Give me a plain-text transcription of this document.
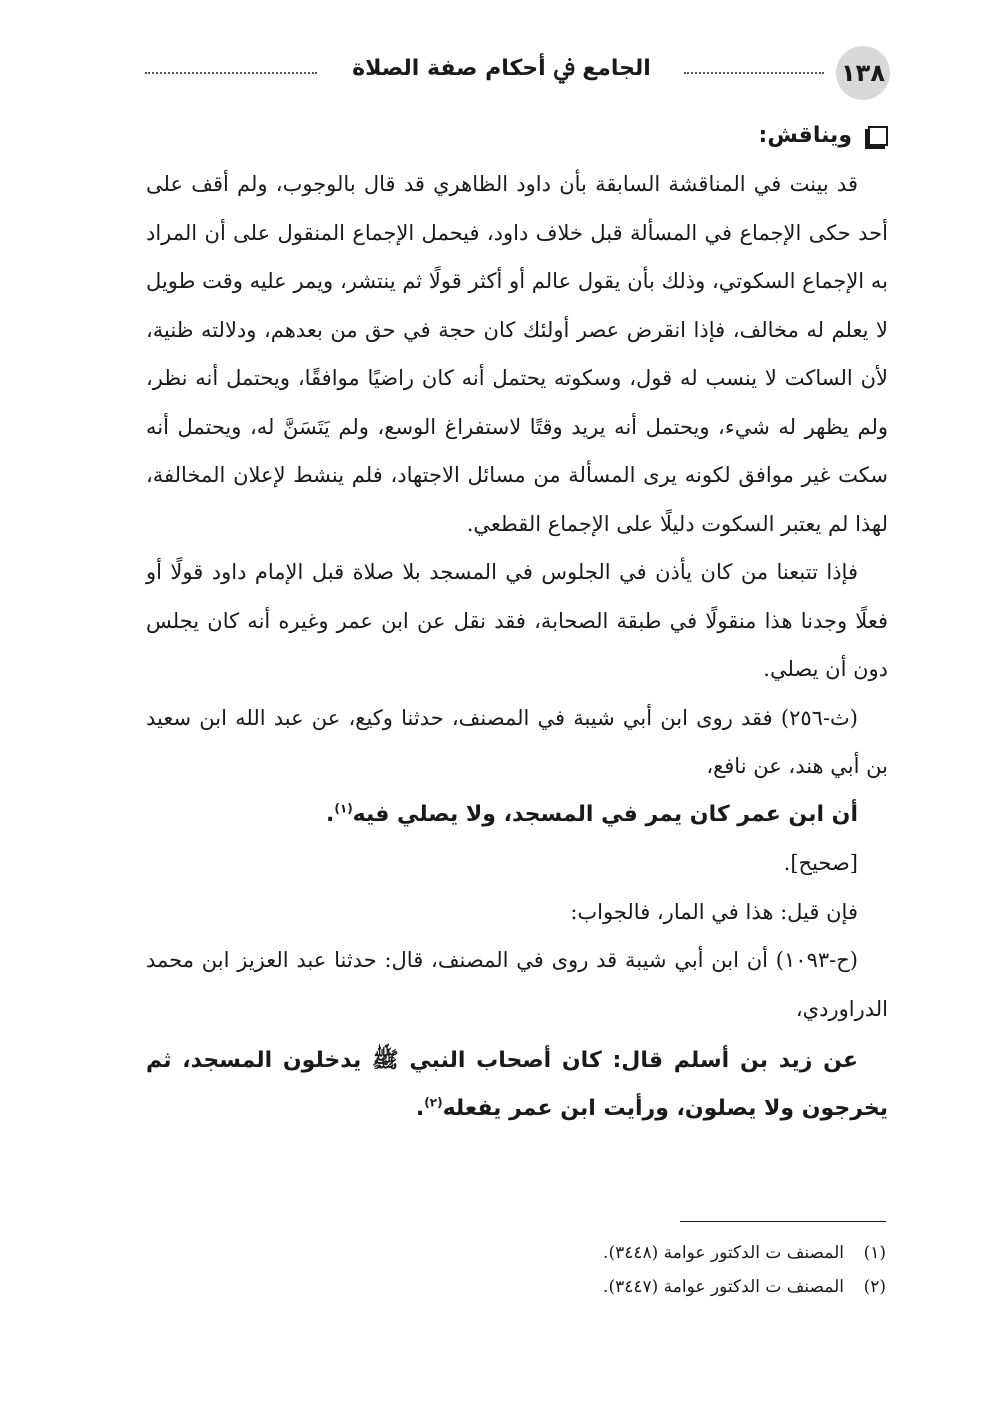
١٣٨
الجامع ﰲ أحكام صفة الصلاة
ويناقش:

قد بينت في المناقشة السابقة بأن داود الظاهري قد قال بالوجوب، ولم أقف على أحد حكى الإجماع في المسألة قبل خلاف داود، فيحمل الإجماع المنقول على أن المراد به الإجماع السكوتي، وذلك بأن يقول عالم أو أكثر قولًا ثم ينتشر، ويمر عليه وقت طويل لا يعلم له مخالف، فإذا انقرض عصر أولئك كان حجة في حق من بعدهم، ودلالته ظنية، لأن الساكت لا ينسب له قول، وسكوته يحتمل أنه كان راضيًا موافقًا، ويحتمل أنه نظر، ولم يظهر له شيء، ويحتمل أنه يريد وقتًا لاستفراغ الوسع، ولم يَتَسَنَّ له، ويحتمل أنه سكت غير موافق لكونه يرى المسألة من مسائل الاجتهاد، فلم ينشط لإعلان المخالفة، لهذا لم يعتبر السكوت دليلًا على الإجماع القطعي.

فإذا تتبعنا من كان يأذن في الجلوس في المسجد بلا صلاة قبل الإمام داود قولًا أو فعلًا وجدنا هذا منقولًا في طبقة الصحابة، فقد نقل عن ابن عمر وغيره أنه كان يجلس دون أن يصلي.

(ث-٢٥٦) فقد روى ابن أبي شيبة في المصنف، حدثنا وكيع، عن عبد الله ابن سعيد بن أبي هند، عن نافع،

أن ابن عمر كان يمر في المسجد، ولا يصلي فيه$^{(١)}$.
[صحيح].
فإن قيل: هذا في المار، فالجواب:

(ح-١٠٩٣) أن ابن أبي شيبة قد روى في المصنف، قال: حدثنا عبد العزيز ابن محمد الدراوردي،

عن زيد بن أسلم قال: كان أصحاب النبي ﷺ يدخلون المسجد، ثم يخرجون ولا يصلون، ورأيت ابن عمر يفعله$^{(٢)}$.
(١)
المصنف ت الدكتور عوامة (٣٤٤٨).
(٢)
المصنف ت الدكتور عوامة (٣٤٤٧).
